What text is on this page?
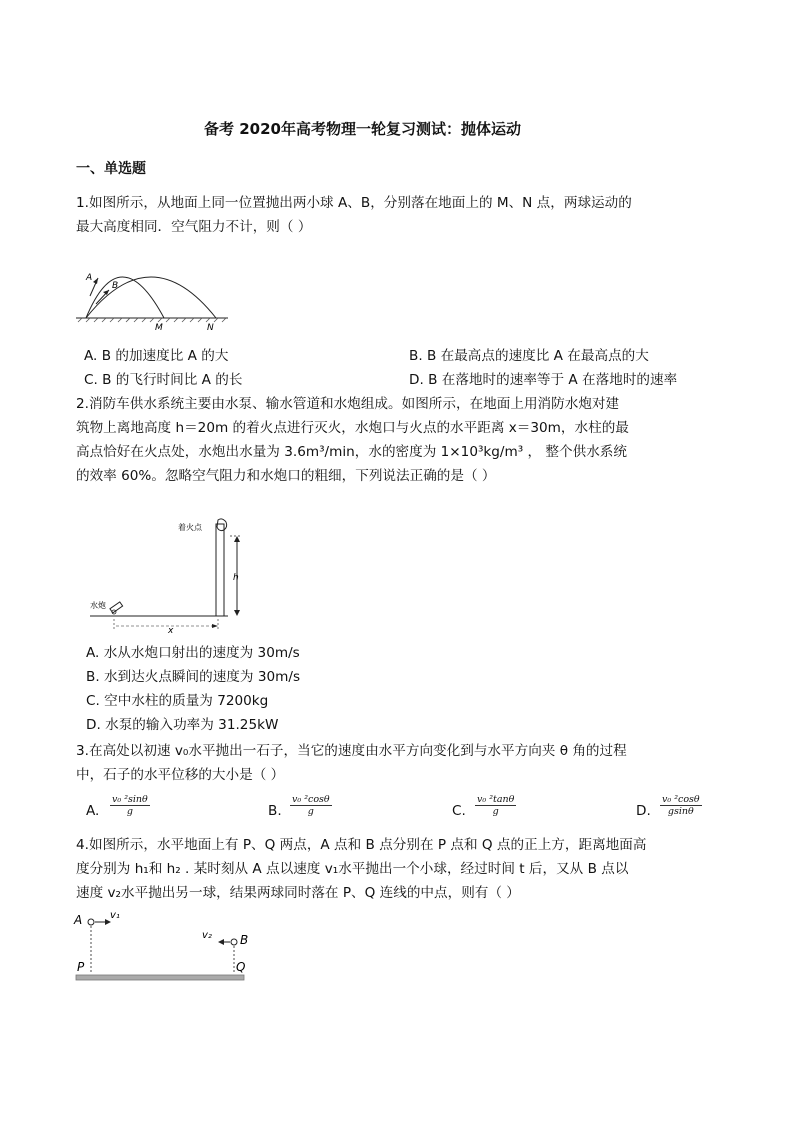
备考 2020年高考物理一轮复习测试：抛体运动
一、单选题
1.如图所示，从地面上同一位置抛出两小球 A、B，分别落在地面上的 M、N 点，两球运动的
最大高度相同．空气阻力不计，则（ ）
A
B
M	N
A. B 的加速度比 A 的大	B. B 在最高点的速度比 A 在最高点的大
C. B 的飞行时间比 A 的长	D. B 在落地时的速率等于 A 在落地时的速率
2.消防车供水系统主要由水泵、输水管道和水炮组成。如图所示，在地面上用消防水炮对建
筑物上离地高度 h＝20m 的着火点进行灭火，水炮口与火点的水平距离 x＝30m，水柱的最
高点恰好在火点处，水炮出水量为 3.6m³/min，水的密度为 1×10³kg/m³ ， 整个供水系统
的效率 60%。忽略空气阻力和水炮口的粗细，下列说法正确的是（ ）
着火点
h
水炮
x
A. 水从水炮口射出的速度为 30m/s
B. 水到达火点瞬间的速度为 30m/s
C. 空中水柱的质量为 7200kg
D. 水泵的输入功率为 31.25kW
3.在高处以初速 v₀水平抛出一石子，当它的速度由水平方向变化到与水平方向夹 θ 角的过程
中，石子的水平位移的大小是（ ）
A. $\frac{\text{v₀ ²sinθ}}{g}$	B. $\frac{\text{v₀ ²cosθ}}{g}$	C. $\frac{\text{v₀ ²tanθ}}{g}$	D. $\frac{\text{v₀ ²cosθ}}{gsin\theta}$
4.如图所示，水平地面上有 P、Q 两点，A 点和 B 点分别在 P 点和 Q 点的正上方，距离地面高
度分别为 h₁和 h₂ . 某时刻从 A 点以速度 v₁水平抛出一个小球，经过时间 t 后，又从 B 点以
速度 v₂水平抛出另一球，结果两球同时落在 P、Q 连线的中点，则有（ ）
A	v₁
P
v₂ B
Q
